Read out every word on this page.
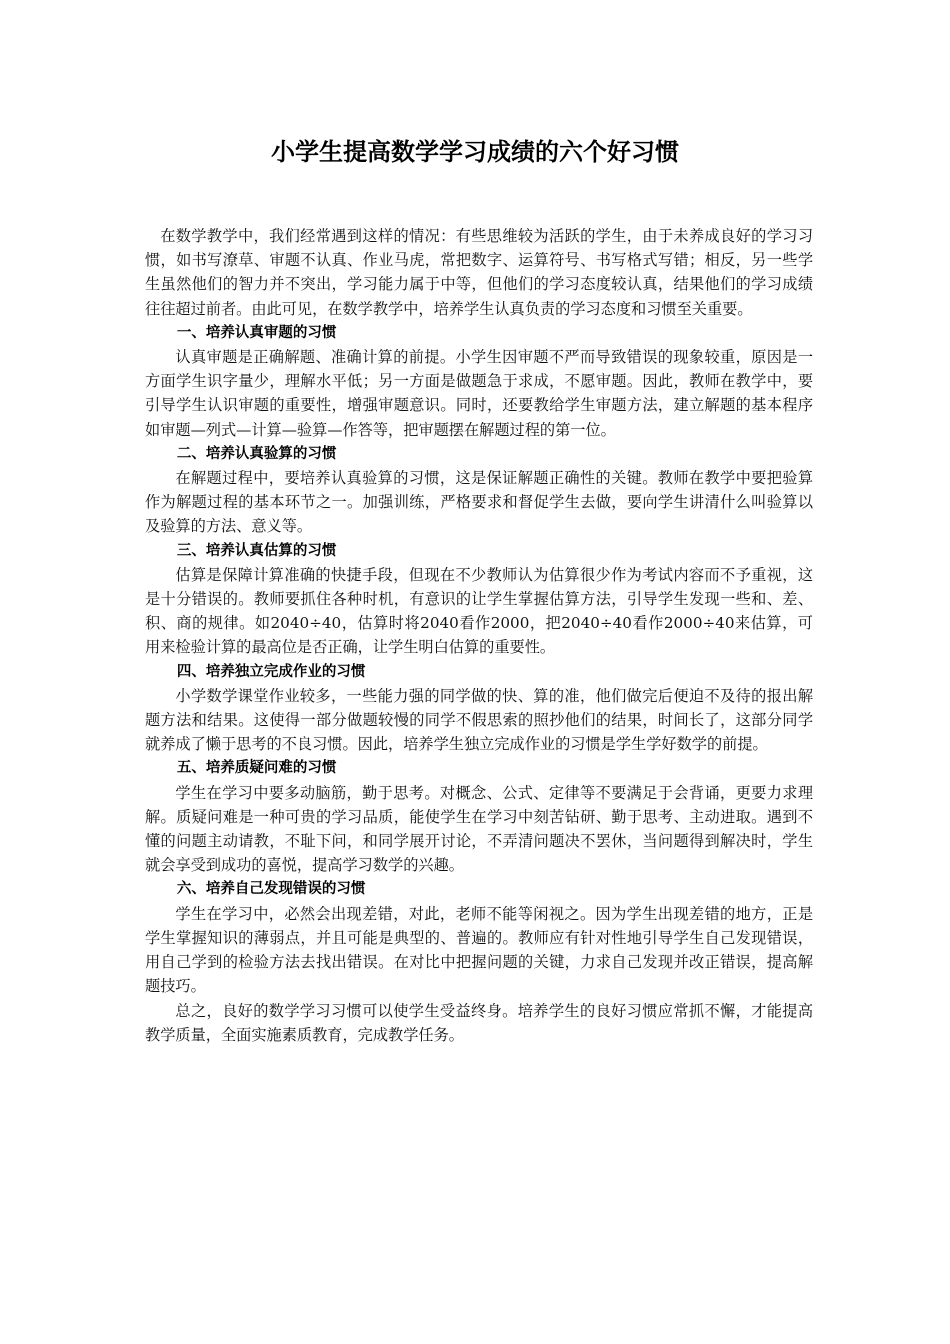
小学生提高数学学习成绩的六个好习惯

在数学教学中，我们经常遇到这样的情况：有些思维较为活跃的学生，由于未养成良好的学习习惯，如书写潦草、审题不认真、作业马虎，常把数字、运算符号、书写格式写错；相反，另一些学生虽然他们的智力并不突出，学习能力属于中等，但他们的学习态度较认真，结果他们的学习成绩往往超过前者。由此可见，在数学教学中，培养学生认真负责的学习态度和习惯至关重要。

一、培养认真审题的习惯

认真审题是正确解题、准确计算的前提。小学生因审题不严而导致错误的现象较重，原因是一方面学生识字量少，理解水平低；另一方面是做题急于求成，不愿审题。因此，教师在教学中，要引导学生认识审题的重要性，增强审题意识。同时，还要教给学生审题方法，建立解题的基本程序如审题—列式—计算—验算—作答等，把审题摆在解题过程的第一位。

二、培养认真验算的习惯

在解题过程中，要培养认真验算的习惯，这是保证解题正确性的关键。教师在教学中要把验算作为解题过程的基本环节之一。加强训练，严格要求和督促学生去做，要向学生讲清什么叫验算以及验算的方法、意义等。

三、培养认真估算的习惯

估算是保障计算准确的快捷手段，但现在不少教师认为估算很少作为考试内容而不予重视，这是十分错误的。教师要抓住各种时机，有意识的让学生掌握估算方法，引导学生发现一些和、差、积、商的规律。如2040÷40，估算时将2040看作2000，把2040÷40看作2000÷40来估算，可用来检验计算的最高位是否正确，让学生明白估算的重要性。

四、培养独立完成作业的习惯

小学数学课堂作业较多，一些能力强的同学做的快、算的准，他们做完后便迫不及待的报出解题方法和结果。这使得一部分做题较慢的同学不假思索的照抄他们的结果，时间长了，这部分同学就养成了懒于思考的不良习惯。因此，培养学生独立完成作业的习惯是学生学好数学的前提。

五、培养质疑问难的习惯

学生在学习中要多动脑筋，勤于思考。对概念、公式、定律等不要满足于会背诵，更要力求理解。质疑问难是一种可贵的学习品质，能使学生在学习中刻苦钻研、勤于思考、主动进取。遇到不懂的问题主动请教，不耻下问，和同学展开讨论，不弄清问题决不罢休，当问题得到解决时，学生就会享受到成功的喜悦，提高学习数学的兴趣。

六、培养自己发现错误的习惯

学生在学习中，必然会出现差错，对此，老师不能等闲视之。因为学生出现差错的地方，正是学生掌握知识的薄弱点，并且可能是典型的、普遍的。教师应有针对性地引导学生自己发现错误，用自己学到的检验方法去找出错误。在对比中把握问题的关键，力求自己发现并改正错误，提高解题技巧。

总之，良好的数学学习习惯可以使学生受益终身。培养学生的良好习惯应常抓不懈，才能提高教学质量，全面实施素质教育，完成教学任务。
